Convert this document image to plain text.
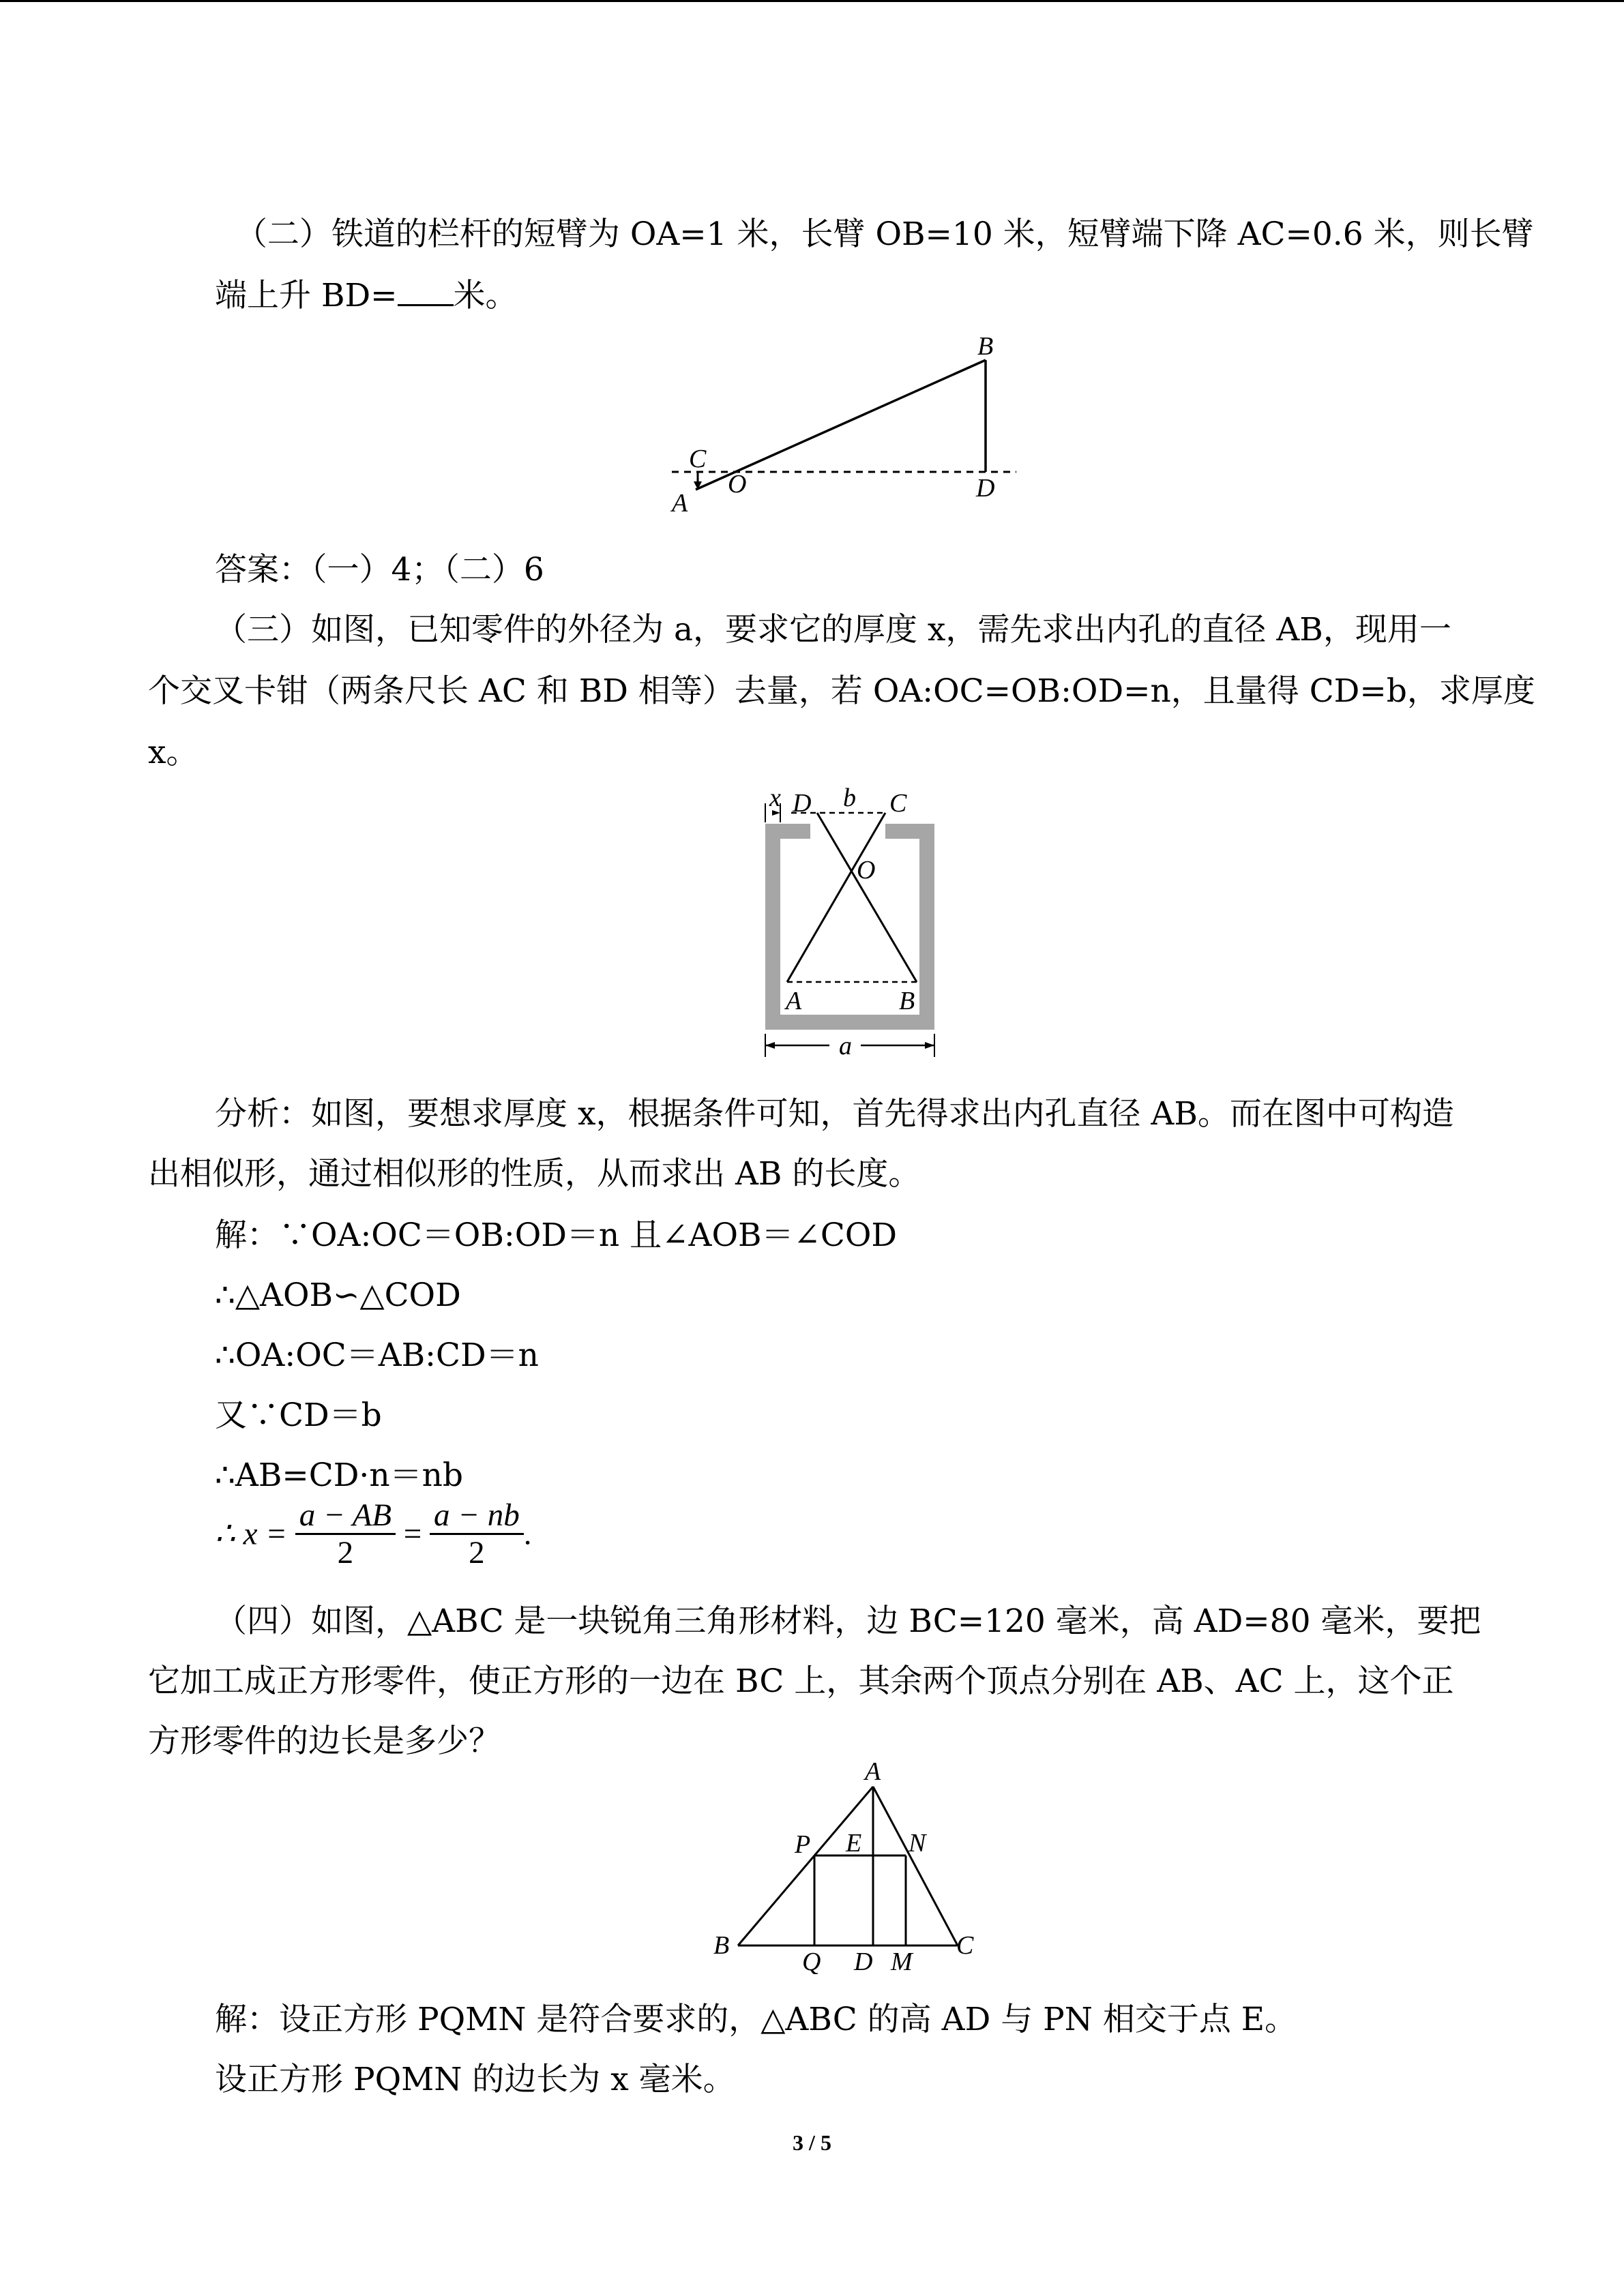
（二）铁道的栏杆的短臂为 OA=1 米，长臂 OB=10 米，短臂端下降 AC=0.6 米，则长臂

端上升 BD= 米。

B
C
O
A
D

答案：（一）4；（二）6

（三）如图，已知零件的外径为 a，要求它的厚度 x，需先求出内孔的直径 AB，现用一

个交叉卡钳（两条尺长 AC 和 BD 相等）去量，若 OA:OC=OB:OD=n，且量得 CD=b，求厚度

x。

x D b C
O
A	B
a

分析：如图，要想求厚度 x，根据条件可知，首先得求出内孔直径 AB。而在图中可构造

出相似形，通过相似形的性质，从而求出 AB 的长度。

解：∵OA:OC＝OB:OD＝n 且∠AOB＝∠COD

∴△AOB∽△COD

∴OA:OC＝AB:CD＝n

又∵CD＝b

∴AB=CD·n＝nb

∴ $x = \frac{a - AB}{2} = \frac{a - nb}{2}$ .

（四）如图，△ABC 是一块锐角三角形材料，边 BC=120 毫米，高 AD=80 毫米，要把

它加工成正方形零件，使正方形的一边在 BC 上，其余两个顶点分别在 AB、AC 上，这个正

方形零件的边长是多少？

A
P E N
B
Q D M
C

解：设正方形 PQMN 是符合要求的，△ABC 的高 AD 与 PN 相交于点 E。

设正方形 PQMN 的边长为 x 毫米。

3 / 5
